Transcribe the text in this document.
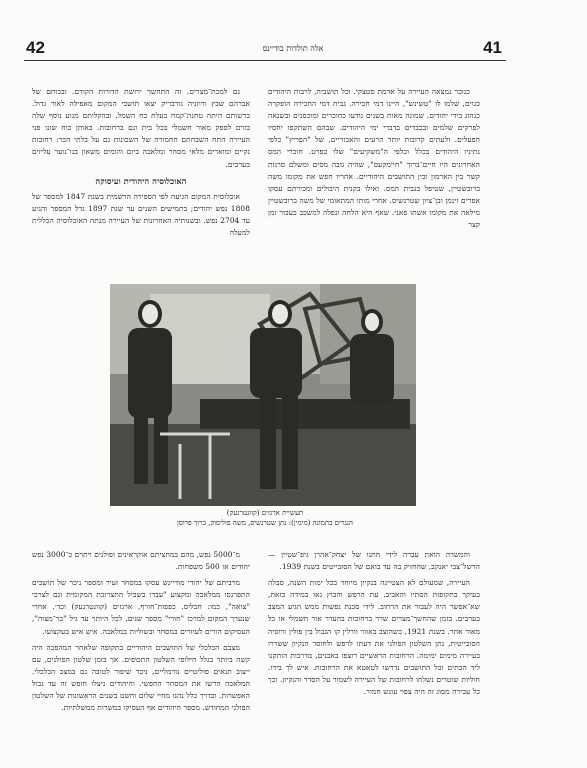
42	אלה תולדות בודיינס	41

כנוכר נמצאה העיירה על אדמת סטצקי. וכל תושביה, לרבות היהודים כגוים, שלמו לו "טשינש", היינו דמי חכירה. גבית דמי החכירה הופקרה כנהוג בידי יהודים. שמונה מאות בשנים נודעו כחוכרים ומוכסנים ובשנאה לפרקים שלמים ובכבדים בדברי ימי היהודים. שבהם השתקפו יחסיו הפעלים. ולעתים קרובות יותר הרעים והאכזריים, של "הפריץ" כלפי נתיניו היהודים בכלל וכלפי ה"משקיעים" שלו בפרט. חוכרי המס האחרונים היו חיים־ברוך "חיימקעס", שהיה גובה מסים ומשלם סרנות קשר בין הארמון ובין התושבים היהודיים. אחריו חפש את מקומו משה ברובשטיין, שטיפל בגבית המס. ואילו בקנית היבולים ומכירתם עסקו אפרים זינמן ובן־ציון שטרנשיס. אחרי מותו המתאומי של משה ברובשטיין מילאה את מקומו אשתו פאני. שאף היא הלחה ונפלה למשכב כעבור זמן קצר

גם למכת־מצרים. זה התחשך ירושת הדורות הקודם. ובכוחם של אברהם שבץ ורוזניה גורבריק יצאו תושבי המקום מאפילה לאור גדול. ברשותם היתה טחנת־קמח בעלת כח השמל, ובהקלותם מגוע נוסף שלה בזרם לספק מאור חשמלי בכל בית וגם ברחובות. באותן כוח שונו פני העיירה התח השבחתם החמורה של השכונות גם על בלתי הכר: רחובות נקיים ומוארים מלאי מסחר ומלאכה ביום והומים משאון בנו־נוער עליזים בערבים.

האוכלוסיה היהודית ועיסוקה

אוכלוסית המקום הגיעה לפי הספירה הרשמית בשנת 1847 למספר של 1808 נפש יהודים; בתמישים השנים עד שנת 1897 גדל המספר והגיע עד 2704 נפש. ובשנותיה האחרונות של העיירה מנתה האוכלוסיה הכללית למעלה

תעשיית ארגזים (קוונטרנעק)
הנגרים בתמונה (מימין): נתן שטרנשיס, משה פוליסוק, ברוך פרוסן

והמשרה הואת עברה לידי חתנו של יצחק־אהרן גיפ־שטיין — הרשל־צבי יאנקב, שהחזיק בה עד בואם של הסובייטים בשנת 1939.

העיירה, שמעולם לא הצטיינה בנקיון מיוחד בכל ימות השנה, סבלה בעיקר בתקופות הסתיו והאביב. עת הרפש והבוץ גאו במידה כזאת, שא־אפשר היה לעבור את הרחוב. לידי סכנת נפשות ממש הגיע המצב בערבים. בזמן שהחשך־מצרים שרר ברחובות בהעדר אור חשמלי או כל מאור אחר. בשנת 1921, כשהוצב באזור וורלין קו הגבול בין פולין ורוסיה הסובייטית, נתן השלטון הפולני את דעתו לרפש ולחוסר הנקיון ששררו בעיירה מימים ימימה. הרחובות הראשיים רוצפו באבנים, מדרכות הותקנו ליד הבתים וכל התושבים נדרשו לטאטא את הרחובות. איש לך בידו. חוליות שוטרים נשלחו לרחובות של העיירה לשמור על הסדר והנקיון. וכך כל עבירה מסוג זה היה צפוי עונש חמור.

מ־5000 נפש, מהם במחציתם אוקראינים ופולנים ויתרם כ־3000 נפש יהודים או 500 משפחות.

מרביתם של יהודי מודיינש עסקו במסחר זעיר ומספר ניכר של תושבים התפרנסו ממלאכה ומקצוע "עבדו בשביל התצרוכת המקומית וגם לצרכי "צואה", כמו: חבליס. כפפות־חורף, ארגזים (קוונטרנעק) וכד׳. אחרי שנערך המקום למרכז "חורי" מספר שנים, לכל היותר עד גיל "בר־מצוה", העסיקום הורים לעוזרים במסחר ובשוליות במלאכה. איש איש בעקצועו.

מצבם הכלכלי של התושבים היהודיים בתקופה שלאחר המהפכה היה קשה ביותר בגלל חילופי השלטון התכופים. אך בזמן שלטון הפולנים, עם ייצוב תנאים פוליטיים נורמליים, ניכר שיפור לטובה גם במצב הכלכלי. המלאכה הרשו את המסחר החפשי. והיהודים ניצלו חופש זה עד גבול האפשרות. ובדרך כלל נהנו מחיי שלום וחשט בשנים הראשונות של השלטון הפולני המחודש. מספר היהודים אף העסיקו במשרות ממשלתיות.
